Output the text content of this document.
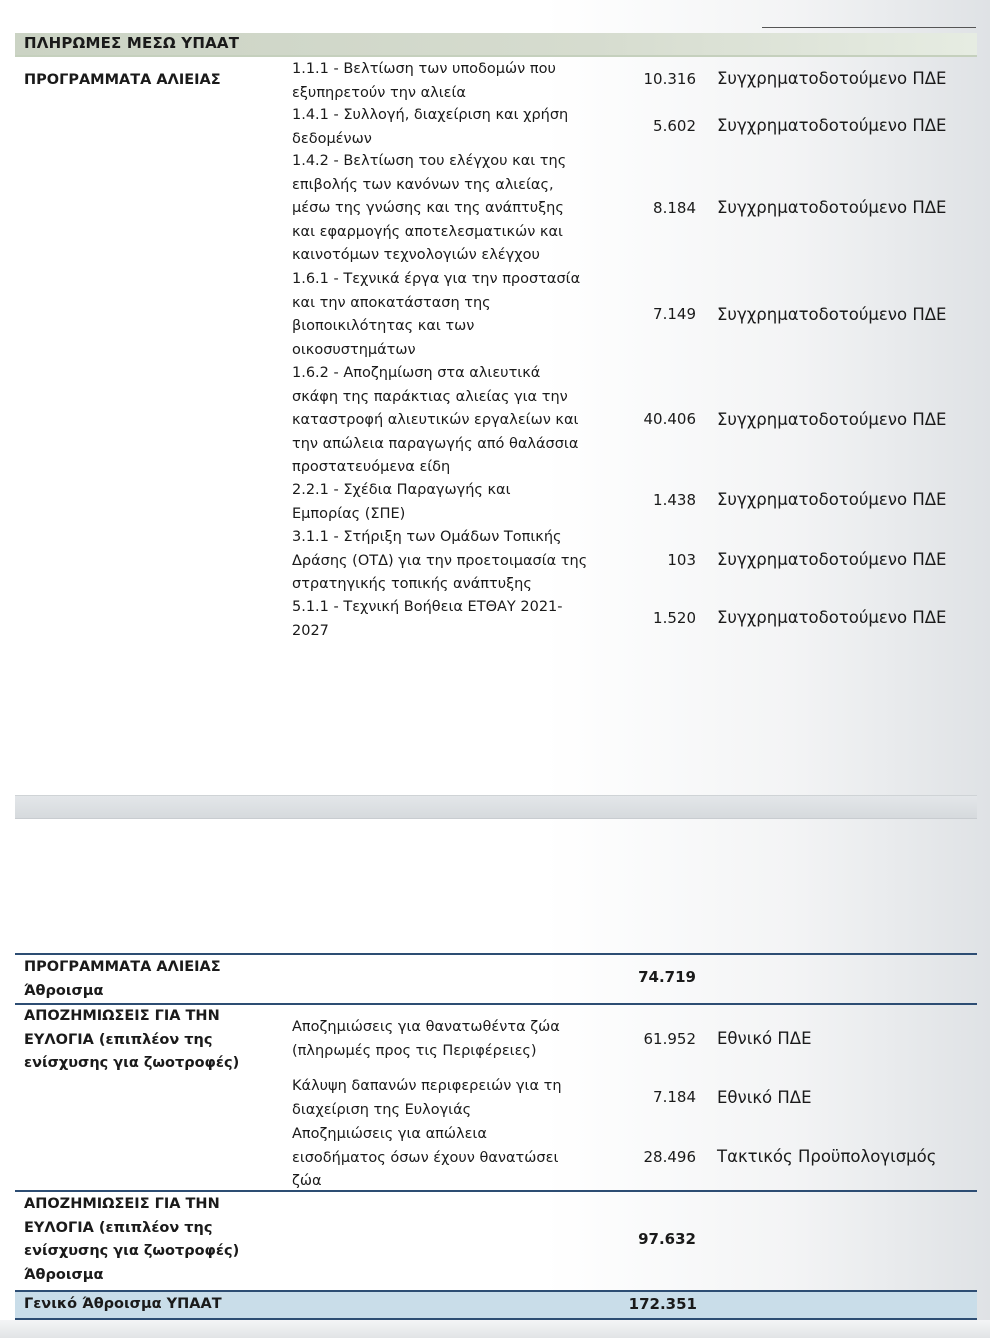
ΠΛΗΡΩΜΕΣ ΜΕΣΩ ΥΠΑΑΤ
ΠΡΟΓΡΑΜΜΑΤΑ ΑΛΙΕΙΑΣ
1.1.1 - Βελτίωση των υποδομών που
εξυπηρετούν την αλιεία
10.316 Συγχρηματοδοτούμενο ΠΔΕ
1.4.1 - Συλλογή, διαχείριση και χρήση
δεδομένων
5.602 Συγχρηματοδοτούμενο ΠΔΕ
1.4.2 - Βελτίωση του ελέγχου και της
επιβολής των κανόνων της αλιείας,
μέσω της γνώσης και της ανάπτυξης
και εφαρμογής αποτελεσματικών και
καινοτόμων τεχνολογιών ελέγχου
8.184 Συγχρηματοδοτούμενο ΠΔΕ
1.6.1 - Τεχνικά έργα για την προστασία
και την αποκατάσταση της
βιοποικιλότητας και των
οικοσυστημάτων
7.149 Συγχρηματοδοτούμενο ΠΔΕ
1.6.2 - Αποζημίωση στα αλιευτικά
σκάφη της παράκτιας αλιείας για την
καταστροφή αλιευτικών εργαλείων και
την απώλεια παραγωγής από θαλάσσια
προστατευόμενα είδη
40.406 Συγχρηματοδοτούμενο ΠΔΕ
2.2.1 - Σχέδια Παραγωγής και
Εμπορίας (ΣΠΕ)
1.438 Συγχρηματοδοτούμενο ΠΔΕ
3.1.1 - Στήριξη των Ομάδων Τοπικής
Δράσης (ΟΤΔ) για την προετοιμασία της
στρατηγικής τοπικής ανάπτυξης
103 Συγχρηματοδοτούμενο ΠΔΕ
5.1.1 - Τεχνική Βοήθεια ΕΤΘΑΥ 2021-
2027
1.520 Συγχρηματοδοτούμενο ΠΔΕ
ΠΡΟΓΡΑΜΜΑΤΑ ΑΛΙΕΙΑΣ
Άθροισμα
74.719
ΑΠΟΖΗΜΙΩΣΕΙΣ ΓΙΑ ΤΗΝ
ΕΥΛΟΓΙΑ (επιπλέον της
ενίσχυσης για ζωοτροφές)
Αποζημιώσεις για θανατωθέντα ζώα
(πληρωμές προς τις Περιφέρειες)
61.952 Εθνικό ΠΔΕ
Κάλυψη δαπανών περιφερειών για τη
διαχείριση της Ευλογιάς
7.184 Εθνικό ΠΔΕ
Αποζημιώσεις για απώλεια
εισοδήματος όσων έχουν θανατώσει
ζώα
28.496 Τακτικός Προϋπολογισμός
ΑΠΟΖΗΜΙΩΣΕΙΣ ΓΙΑ ΤΗΝ
ΕΥΛΟΓΙΑ (επιπλέον της
ενίσχυσης για ζωοτροφές)
Άθροισμα
97.632
Γενικό Άθροισμα ΥΠΑΑΤ	172.351
